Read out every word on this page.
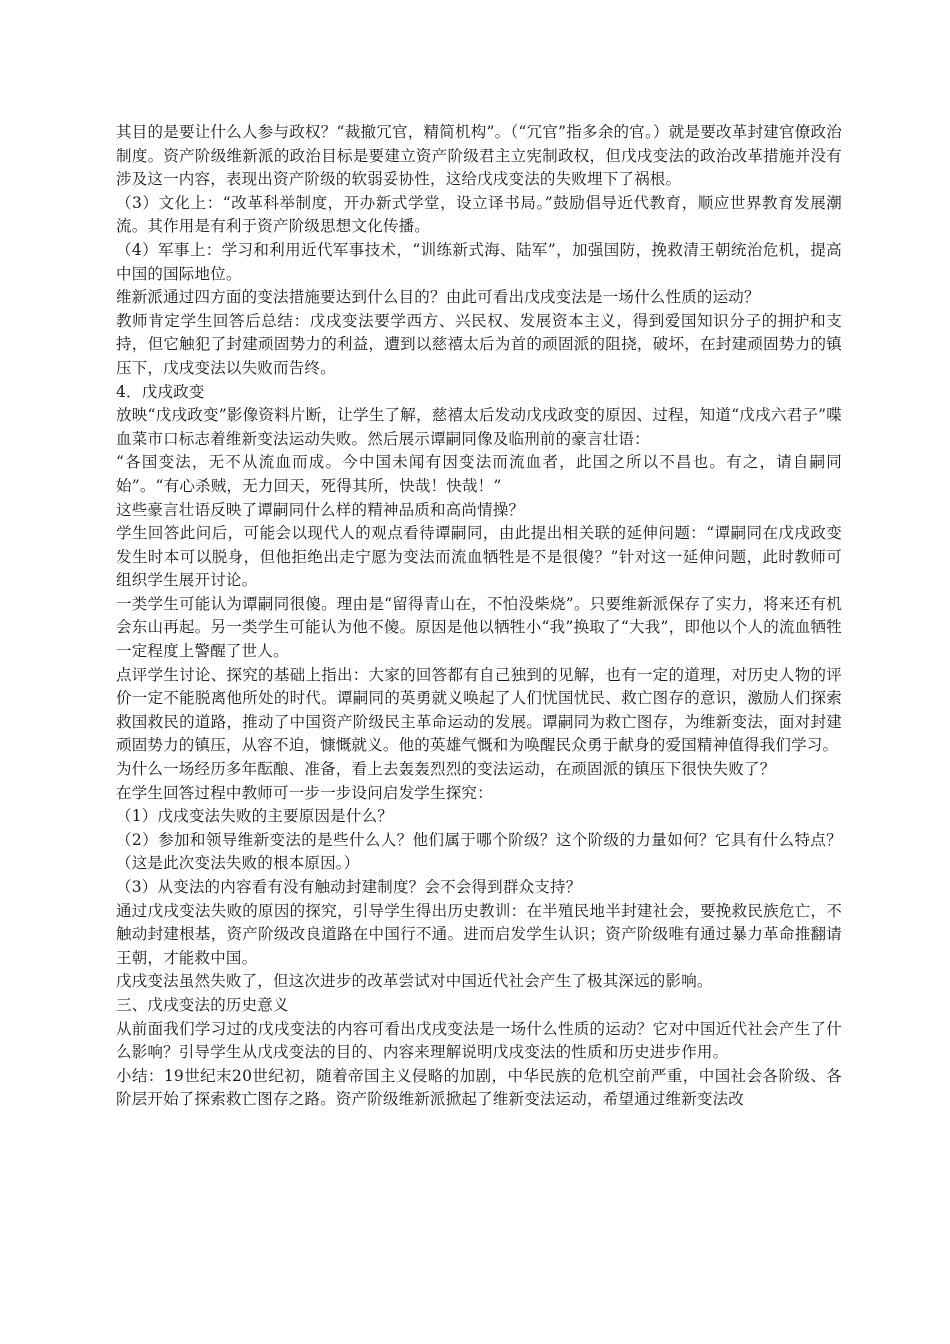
其目的是要让什么人参与政权？“裁撤冗官，精简机构”。（“冗官”指多余的官。）就是要改革封建官僚政治制度。资产阶级维新派的政治目标是要建立资产阶级君主立宪制政权，但戊戌变法的政治改革措施并没有涉及这一内容，表现出资产阶级的软弱妥协性，这给戊戌变法的失败埋下了祸根。

（3）文化上：“改革科举制度，开办新式学堂，设立译书局。”鼓励倡导近代教育，顺应世界教育发展潮流。其作用是有利于资产阶级思想文化传播。

（4）军事上：学习和利用近代军事技术，“训练新式海、陆军”，加强国防，挽救清王朝统治危机，提高中国的国际地位。

维新派通过四方面的变法措施要达到什么目的？由此可看出戊戌变法是一场什么性质的运动？

教师肯定学生回答后总结：戊戌变法要学西方、兴民权、发展资本主义，得到爱国知识分子的拥护和支持，但它触犯了封建顽固势力的利益，遭到以慈禧太后为首的顽固派的阻挠，破坏，在封建顽固势力的镇压下，戊戌变法以失败而告终。

4．戊戌政变

放映“戊戌政变”影像资料片断，让学生了解，慈禧太后发动戊戌政变的原因、过程，知道“戊戌六君子”喋血菜市口标志着维新变法运动失败。然后展示谭嗣同像及临刑前的豪言壮语：

“各国变法，无不从流血而成。今中国未闻有因变法而流血者，此国之所以不昌也。有之，请自嗣同始”。“有心杀贼，无力回天，死得其所，快哉！快哉！”

这些豪言壮语反映了谭嗣同什么样的精神品质和高尚情操？

学生回答此问后，可能会以现代人的观点看待谭嗣同，由此提出相关联的延伸问题：“谭嗣同在戊戌政变发生时本可以脱身，但他拒绝出走宁愿为变法而流血牺牲是不是很傻？”针对这一延伸问题，此时教师可组织学生展开讨论。

一类学生可能认为谭嗣同很傻。理由是“留得青山在，不怕没柴烧”。只要维新派保存了实力，将来还有机会东山再起。另一类学生可能认为他不傻。原因是他以牺牲小“我”换取了“大我”，即他以个人的流血牺牲一定程度上警醒了世人。

点评学生讨论、探究的基础上指出：大家的回答都有自己独到的见解，也有一定的道理，对历史人物的评价一定不能脱离他所处的时代。谭嗣同的英勇就义唤起了人们忧国忧民、救亡图存的意识，激励人们探索救国救民的道路，推动了中国资产阶级民主革命运动的发展。谭嗣同为救亡图存，为维新变法，面对封建顽固势力的镇压，从容不迫，慷慨就义。他的英雄气慨和为唤醒民众勇于献身的爱国精神值得我们学习。

为什么一场经历多年酝酿、准备，看上去轰轰烈烈的变法运动，在顽固派的镇压下很快失败了？

在学生回答过程中教师可一步一步设问启发学生探究：

（1）戊戌变法失败的主要原因是什么？

（2）参加和领导维新变法的是些什么人？他们属于哪个阶级？这个阶级的力量如何？它具有什么特点？（这是此次变法失败的根本原因。）

（3）从变法的内容看有没有触动封建制度？会不会得到群众支持？

通过戊戌变法失败的原因的探究，引导学生得出历史教训：在半殖民地半封建社会，要挽救民族危亡，不触动封建根基，资产阶级改良道路在中国行不通。进而启发学生认识；资产阶级唯有通过暴力革命推翻请王朝，才能救中国。

戊戌变法虽然失败了，但这次进步的改革尝试对中国近代社会产生了极其深远的影响。

三、戊戌变法的历史意义

从前面我们学习过的戊戌变法的内容可看出戊戌变法是一场什么性质的运动？它对中国近代社会产生了什么影响？引导学生从戊戌变法的目的、内容来理解说明戊戌变法的性质和历史进步作用。

小结：19世纪末20世纪初，随着帝国主义侵略的加剧，中华民族的危机空前严重，中国社会各阶级、各阶层开始了探索救亡图存之路。资产阶级维新派掀起了维新变法运动，希望通过维新变法改
